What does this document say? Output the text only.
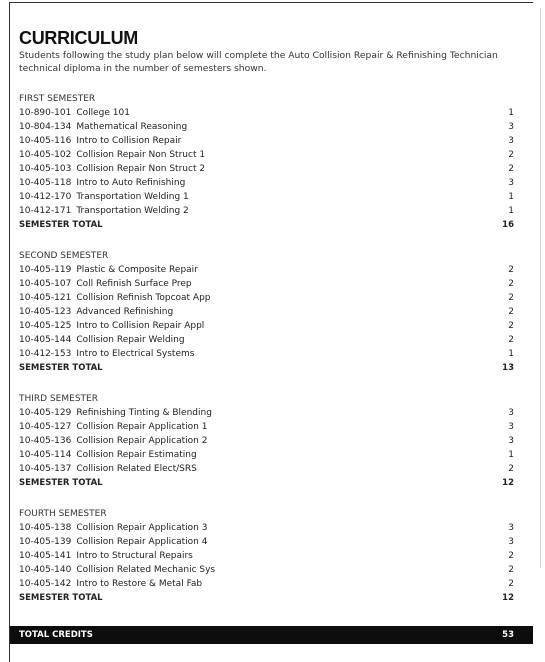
CURRICULUM
Students following the study plan below will complete the Auto Collision Repair & Refinishing Technician technical diploma in the number of semesters shown.
FIRST SEMESTER
10-890-101 College 101	1
10-804-134 Mathematical Reasoning	3
10-405-116 Intro to Collision Repair	3
10-405-102 Collision Repair Non Struct 1	2
10-405-103 Collision Repair Non Struct 2	2
10-405-118 Intro to Auto Refinishing	3
10-412-170 Transportation Welding 1	1
10-412-171 Transportation Welding 2	1
SEMESTER TOTAL	16
SECOND SEMESTER
10-405-119 Plastic & Composite Repair	2
10-405-107 Coll Refinish Surface Prep	2
10-405-121 Collision Refinish Topcoat App	2
10-405-123 Advanced Refinishing	2
10-405-125 Intro to Collision Repair Appl	2
10-405-144 Collision Repair Welding	2
10-412-153 Intro to Electrical Systems	1
SEMESTER TOTAL	13
THIRD SEMESTER
10-405-129 Refinishing Tinting & Blending	3
10-405-127 Collision Repair Application 1	3
10-405-136 Collision Repair Application 2	3
10-405-114 Collision Repair Estimating	1
10-405-137 Collision Related Elect/SRS	2
SEMESTER TOTAL	12
FOURTH SEMESTER
10-405-138 Collision Repair Application 3	3
10-405-139 Collision Repair Application 4	3
10-405-141 Intro to Structural Repairs	2
10-405-140 Collision Related Mechanic Sys	2
10-405-142 Intro to Restore & Metal Fab	2
SEMESTER TOTAL	12
TOTAL CREDITS	53
